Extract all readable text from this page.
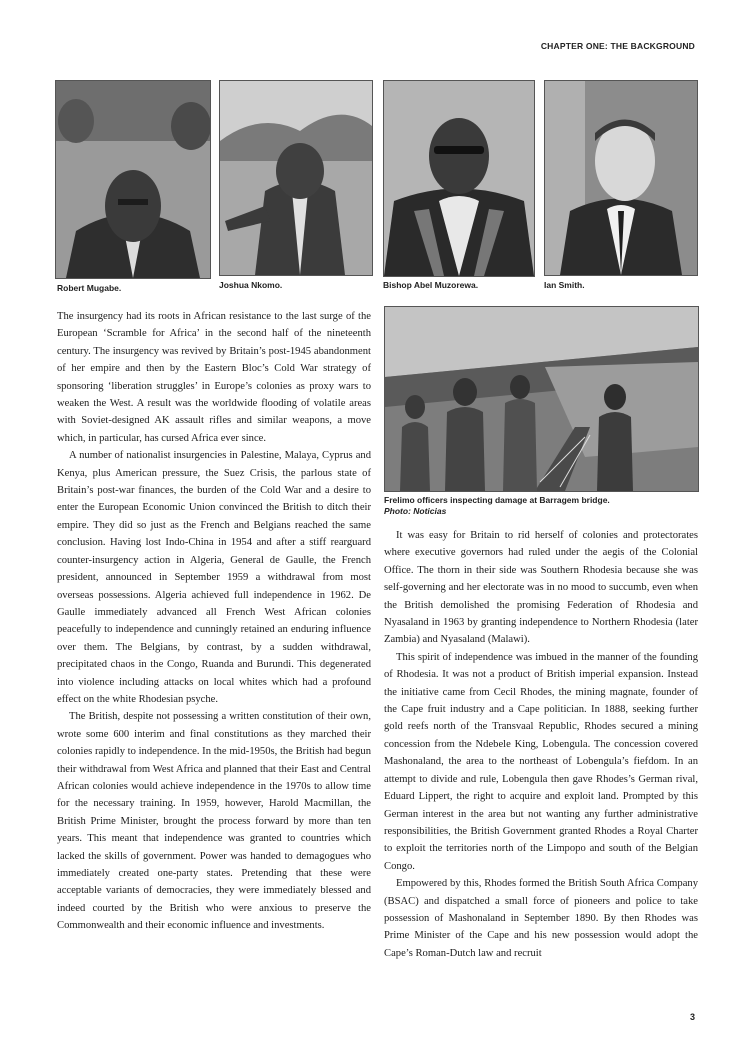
CHAPTER ONE: THE BACKGROUND
Robert Mugabe.	Joshua Nkomo.	Bishop Abel Muzorewa.	Ian Smith.
Frelimo officers inspecting damage at Barragem bridge.
Photo: Noticias

The insurgency had its roots in African resistance to the last surge of the European ‘Scramble for Africa’ in the second half of the nineteenth century. The insurgency was revived by Britain’s post-1945 abandonment of her empire and then by the Eastern Bloc’s Cold War strategy of sponsoring ‘liberation struggles’ in Europe’s colonies as proxy wars to weaken the West. A result was the worldwide flooding of volatile areas with Soviet-designed AK assault rifles and similar weapons, a move which, in particular, has cursed Africa ever since.

A number of nationalist insurgencies in Palestine, Malaya, Cyprus and Kenya, plus American pressure, the Suez Crisis, the parlous state of Britain’s post-war finances, the burden of the Cold War and a desire to enter the European Economic Union convinced the British to ditch their empire. They did so just as the French and Belgians reached the same conclusion. Having lost Indo-China in 1954 and after a stiff rearguard counter-insurgency action in Algeria, General de Gaulle, the French president, announced in September 1959 a withdrawal from most overseas possessions. Algeria achieved full independence in 1962. De Gaulle immediately advanced all French West African colonies peacefully to independence and cunningly retained an enduring influence over them. The Belgians, by contrast, by a sudden withdrawal, precipitated chaos in the Congo, Ruanda and Burundi. This degenerated into violence including attacks on local whites which had a profound effect on the white Rhodesian psyche.

The British, despite not possessing a written constitution of their own, wrote some 600 interim and final constitutions as they marched their colonies rapidly to independence. In the mid-1950s, the British had begun their withdrawal from West Africa and planned that their East and Central African colonies would achieve independence in the 1970s to allow time for the necessary training. In 1959, however, Harold Macmillan, the British Prime Minister, brought the process forward by more than ten years. This meant that independence was granted to countries which lacked the skills of government. Power was handed to demagogues who immediately created one-party states. Pretending that these were acceptable variants of democracies, they were immediately blessed and indeed courted by the British who were anxious to preserve the Commonwealth and their economic influence and investments.

It was easy for Britain to rid herself of colonies and protectorates where executive governors had ruled under the aegis of the Colonial Office. The thorn in their side was Southern Rhodesia because she was self-governing and her electorate was in no mood to succumb, even when the British demolished the promising Federation of Rhodesia and Nyasaland in 1963 by granting independence to Northern Rhodesia (later Zambia) and Nyasaland (Malawi).

This spirit of independence was imbued in the manner of the founding of Rhodesia. It was not a product of British imperial expansion. Instead the initiative came from Cecil Rhodes, the mining magnate, founder of the Cape fruit industry and a Cape politician. In 1888, seeking further gold reefs north of the Transvaal Republic, Rhodes secured a mining concession from the Ndebele King, Lobengula. The concession covered Mashonaland, the area to the northeast of Lobengula’s fiefdom. In an attempt to divide and rule, Lobengula then gave Rhodes’s German rival, Eduard Lippert, the right to acquire and exploit land. Prompted by this German interest in the area but not wanting any further administrative responsibilities, the British Government granted Rhodes a Royal Charter to exploit the territories north of the Limpopo and south of the Belgian Congo.

Empowered by this, Rhodes formed the British South Africa Company (BSAC) and dispatched a small force of pioneers and police to take possession of Mashonaland in September 1890. By then Rhodes was Prime Minister of the Cape and his new possession would adopt the Cape’s Roman-Dutch law and recruit

3
